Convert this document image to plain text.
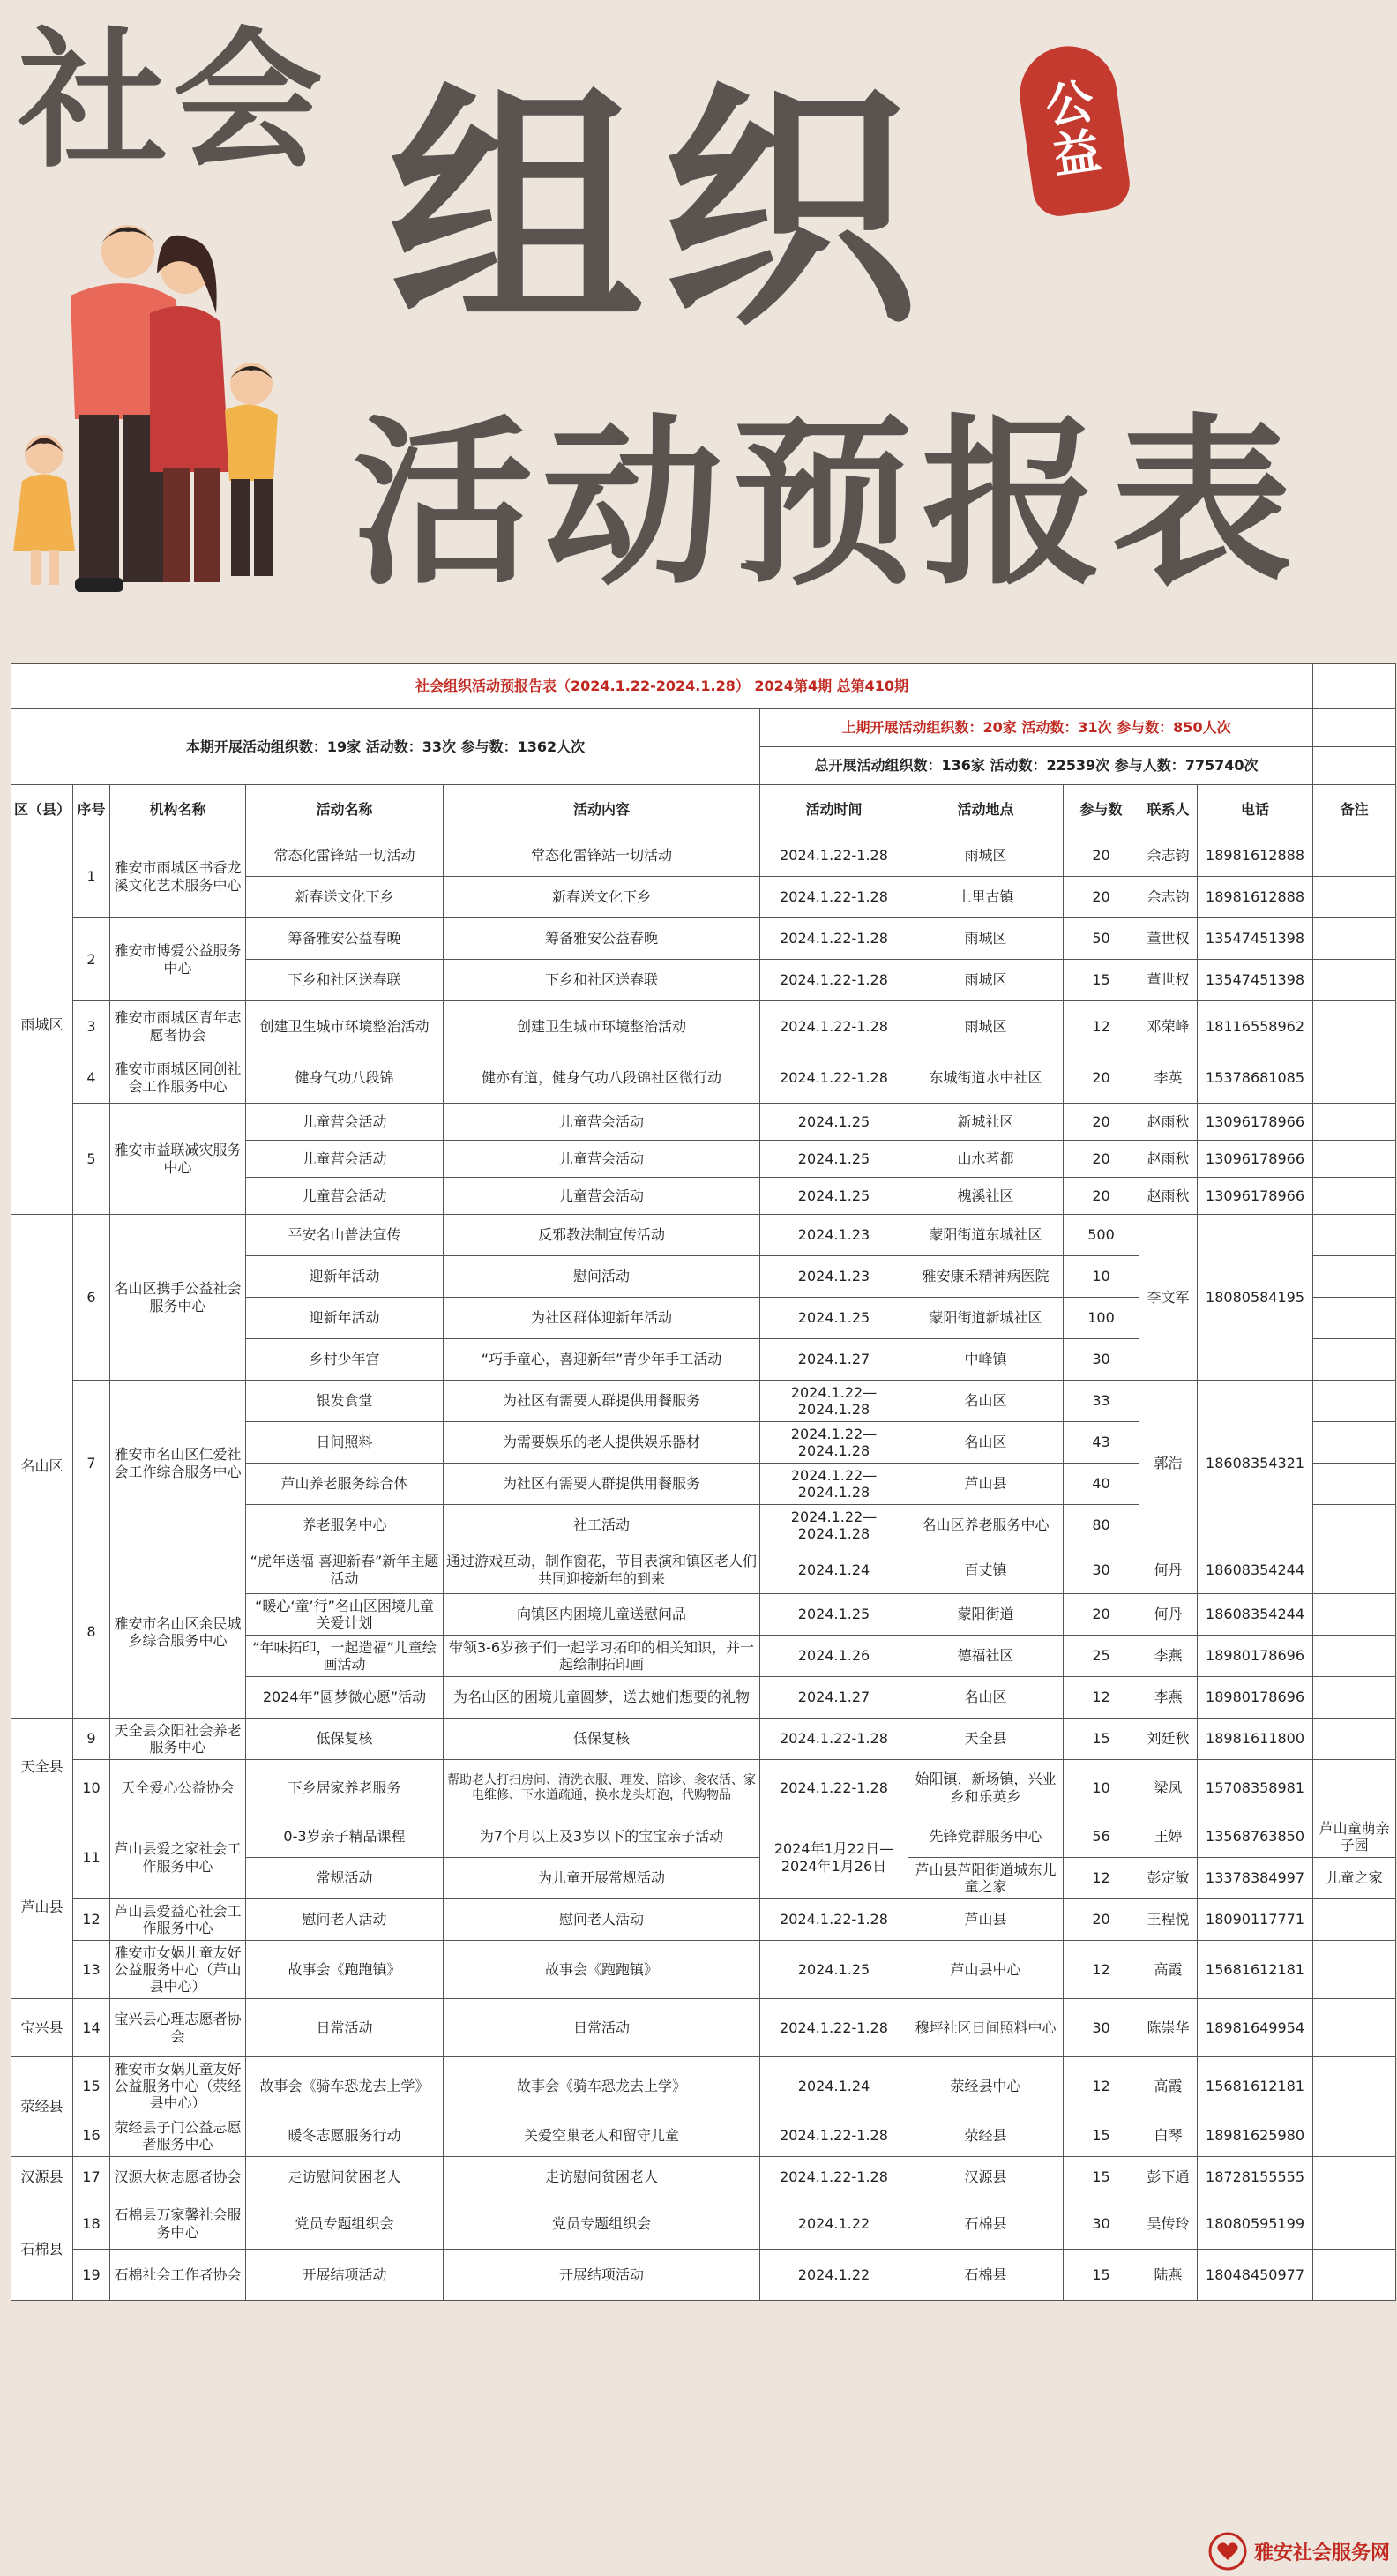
社会 组织
活动预报表
公
益
社会组织活动预报告表（2024.1.22-2024.1.28） 2024第4期 总第410期										
本期开展活动组织数：19家 活动数：33次 参与数：1362人次					上期开展活动组织数：20家 活动数：31次 参与数：850人次					
					总开展活动组织数：136家 活动数：22539次 参与人数：775740次					
区（县）	序号	机构名称	活动名称	活动内容	活动时间	活动地点	参与数	联系人	电话	备注
雨城区	1	雅安市雨城区书香龙溪文化艺术服务中心	常态化雷锋站一切活动	常态化雷锋站一切活动	2024.1.22-1.28	雨城区	20	余志钧	18981612888	
			新春送文化下乡	新春送文化下乡	2024.1.22-1.28	上里古镇	20	余志钧	18981612888	
	2	雅安市博爱公益服务中心	筹备雅安公益春晚	筹备雅安公益春晚	2024.1.22-1.28	雨城区	50	董世权	13547451398	
			下乡和社区送春联	下乡和社区送春联	2024.1.22-1.28	雨城区	15	董世权	13547451398	
	3	雅安市雨城区青年志愿者协会	创建卫生城市环境整治活动	创建卫生城市环境整治活动	2024.1.22-1.28	雨城区	12	邓荣峰	18116558962	
	4	雅安市雨城区同创社会工作服务中心	健身气功八段锦	健亦有道，健身气功八段锦社区微行动	2024.1.22-1.28	东城街道水中社区	20	李英	15378681085	
	5	雅安市益联减灾服务中心	儿童营会活动	儿童营会活动	2024.1.25	新城社区	20	赵雨秋	13096178966	
			儿童营会活动	儿童营会活动	2024.1.25	山水茗都	20	赵雨秋	13096178966	
			儿童营会活动	儿童营会活动	2024.1.25	槐溪社区	20	赵雨秋	13096178966	
名山区	6	名山区携手公益社会服务中心	平安名山普法宣传	反邪教法制宣传活动	2024.1.23	蒙阳街道东城社区	500	李文军	18080584195	
			迎新年活动	慰问活动	2024.1.23	雅安康禾精神病医院	10			
			迎新年活动	为社区群体迎新年活动	2024.1.25	蒙阳街道新城社区	100			
			乡村少年宫	“巧手童心，喜迎新年”青少年手工活动	2024.1.27	中峰镇	30			
	7	雅安市名山区仁爱社会工作综合服务中心	银发食堂	为社区有需要人群提供用餐服务	2024.1.22—2024.1.28	名山区	33	郭浩	18608354321	
			日间照料	为需要娱乐的老人提供娱乐器材	2024.1.22—2024.1.28	名山区	43			
			芦山养老服务综合体	为社区有需要人群提供用餐服务	2024.1.22—2024.1.28	芦山县	40			
			养老服务中心	社工活动	2024.1.22—2024.1.28	名山区养老服务中心	80			
	8	雅安市名山区余民城乡综合服务中心	“虎年送福 喜迎新春”新年主题活动	通过游戏互动，制作窗花，节目表演和镇区老人们共同迎接新年的到来	2024.1.24	百丈镇	30	何丹	18608354244	
			“暖心‘童’行”名山区困境儿童关爱计划	向镇区内困境儿童送慰问品	2024.1.25	蒙阳街道	20	何丹	18608354244	
			“年味拓印，一起造福”儿童绘画活动	带领3-6岁孩子们一起学习拓印的相关知识，并一起绘制拓印画	2024.1.26	德福社区	25	李燕	18980178696	
			2024年”圆梦微心愿”活动	为名山区的困境儿童圆梦，送去她们想要的礼物	2024.1.27	名山区	12	李燕	18980178696	
天全县	9	天全县众阳社会养老服务中心	低保复核	低保复核	2024.1.22-1.28	天全县	15	刘廷秋	18981611800	
	10	天全爱心公益协会	下乡居家养老服务	帮助老人打扫房间、清洗衣服、理发、陪诊、衾农活、家电维修、下水道疏通，换水龙头灯泡，代购物品	2024.1.22-1.28	始阳镇，新场镇，兴业乡和乐英乡	10	梁凤	15708358981	
芦山县	11	芦山县爱之家社会工作服务中心	0-3岁亲子精品课程	为7个月以上及3岁以下的宝宝亲子活动	2024年1月22日—2024年1月26日	先锋党群服务中心	56	王婷	13568763850	芦山童萌亲子园
			常规活动	为儿童开展常规活动		芦山县芦阳街道城东儿童之家	12	彭定敏	13378384997	儿童之家
	12	芦山县爱益心社会工作服务中心	慰问老人活动	慰问老人活动	2024.1.22-1.28	芦山县	20	王程悦	18090117771	
	13	雅安市女娲儿童友好公益服务中心（芦山县中心）	故事会《跑跑镇》	故事会《跑跑镇》	2024.1.25	芦山县中心	12	高霞	15681612181	
宝兴县	14	宝兴县心理志愿者协会	日常活动	日常活动	2024.1.22-1.28	穆坪社区日间照料中心	30	陈崇华	18981649954	
荥经县	15	雅安市女娲儿童友好公益服务中心（荥经县中心）	故事会《骑车恐龙去上学》	故事会《骑车恐龙去上学》	2024.1.24	荥经县中心	12	高霞	15681612181	
	16	荥经县子门公益志愿者服务中心	暖冬志愿服务行动	关爱空巢老人和留守儿童	2024.1.22-1.28	荥经县	15	白琴	18981625980	
汉源县	17	汉源大树志愿者协会	走访慰问贫困老人	走访慰问贫困老人	2024.1.22-1.28	汉源县	15	彭下通	18728155555	
石棉县	18	石棉县万家馨社会服务中心	党员专题组织会	党员专题组织会	2024.1.22	石棉县	30	吴传玲	18080595199	
	19	石棉社会工作者协会	开展结项活动	开展结项活动	2024.1.22	石棉县	15	陆燕	18048450977	
雅安社会服务网
